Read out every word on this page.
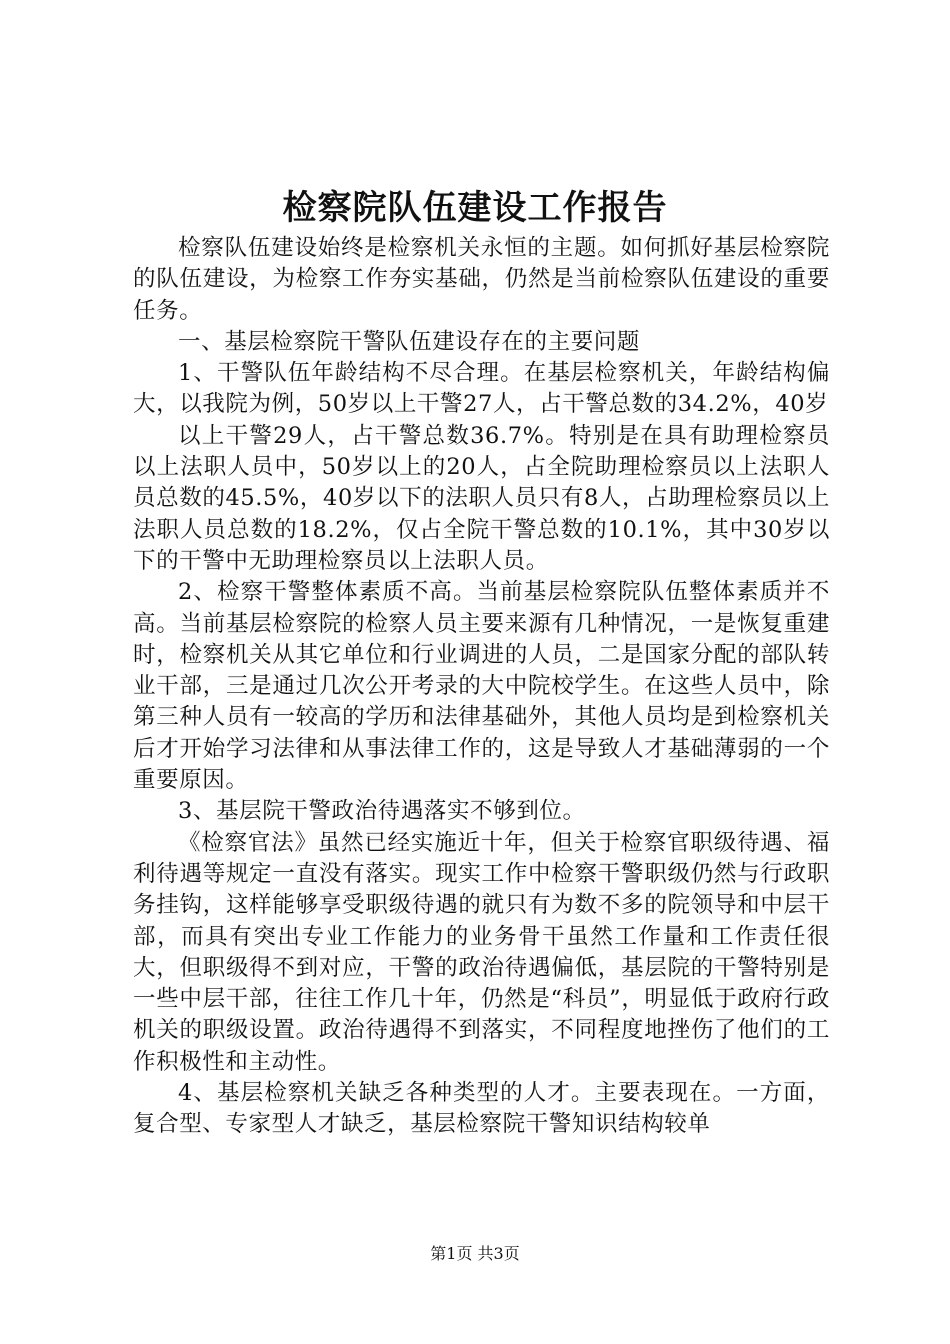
检察院队伍建设工作报告

检察队伍建设始终是检察机关永恒的主题。如何抓好基层检察院的队伍建设，为检察工作夯实基础，仍然是当前检察队伍建设的重要任务。

一、基层检察院干警队伍建设存在的主要问题

1、干警队伍年龄结构不尽合理。在基层检察机关，年龄结构偏大，以我院为例，50岁以上干警27人，占干警总数的34.2%，40岁

以上干警29人，占干警总数36.7%。特别是在具有助理检察员以上法职人员中，50岁以上的20人，占全院助理检察员以上法职人员总数的45.5%，40岁以下的法职人员只有8人，占助理检察员以上法职人员总数的18.2%，仅占全院干警总数的10.1%，其中30岁以下的干警中无助理检察员以上法职人员。

2、检察干警整体素质不高。当前基层检察院队伍整体素质并不高。当前基层检察院的检察人员主要来源有几种情况，一是恢复重建时，检察机关从其它单位和行业调进的人员，二是国家分配的部队转业干部，三是通过几次公开考录的大中院校学生。在这些人员中，除第三种人员有一较高的学历和法律基础外，其他人员均是到检察机关后才开始学习法律和从事法律工作的，这是导致人才基础薄弱的一个重要原因。

3、基层院干警政治待遇落实不够到位。

《检察官法》虽然已经实施近十年，但关于检察官职级待遇、福利待遇等规定一直没有落实。现实工作中检察干警职级仍然与行政职务挂钩，这样能够享受职级待遇的就只有为数不多的院领导和中层干部，而具有突出专业工作能力的业务骨干虽然工作量和工作责任很大，但职级得不到对应，干警的政治待遇偏低，基层院的干警特别是一些中层干部，往往工作几十年，仍然是“科员”，明显低于政府行政机关的职级设置。政治待遇得不到落实，不同程度地挫伤了他们的工作积极性和主动性。

4、基层检察机关缺乏各种类型的人才。主要表现在。一方面，复合型、专家型人才缺乏，基层检察院干警知识结构较单

第1页 共3页
